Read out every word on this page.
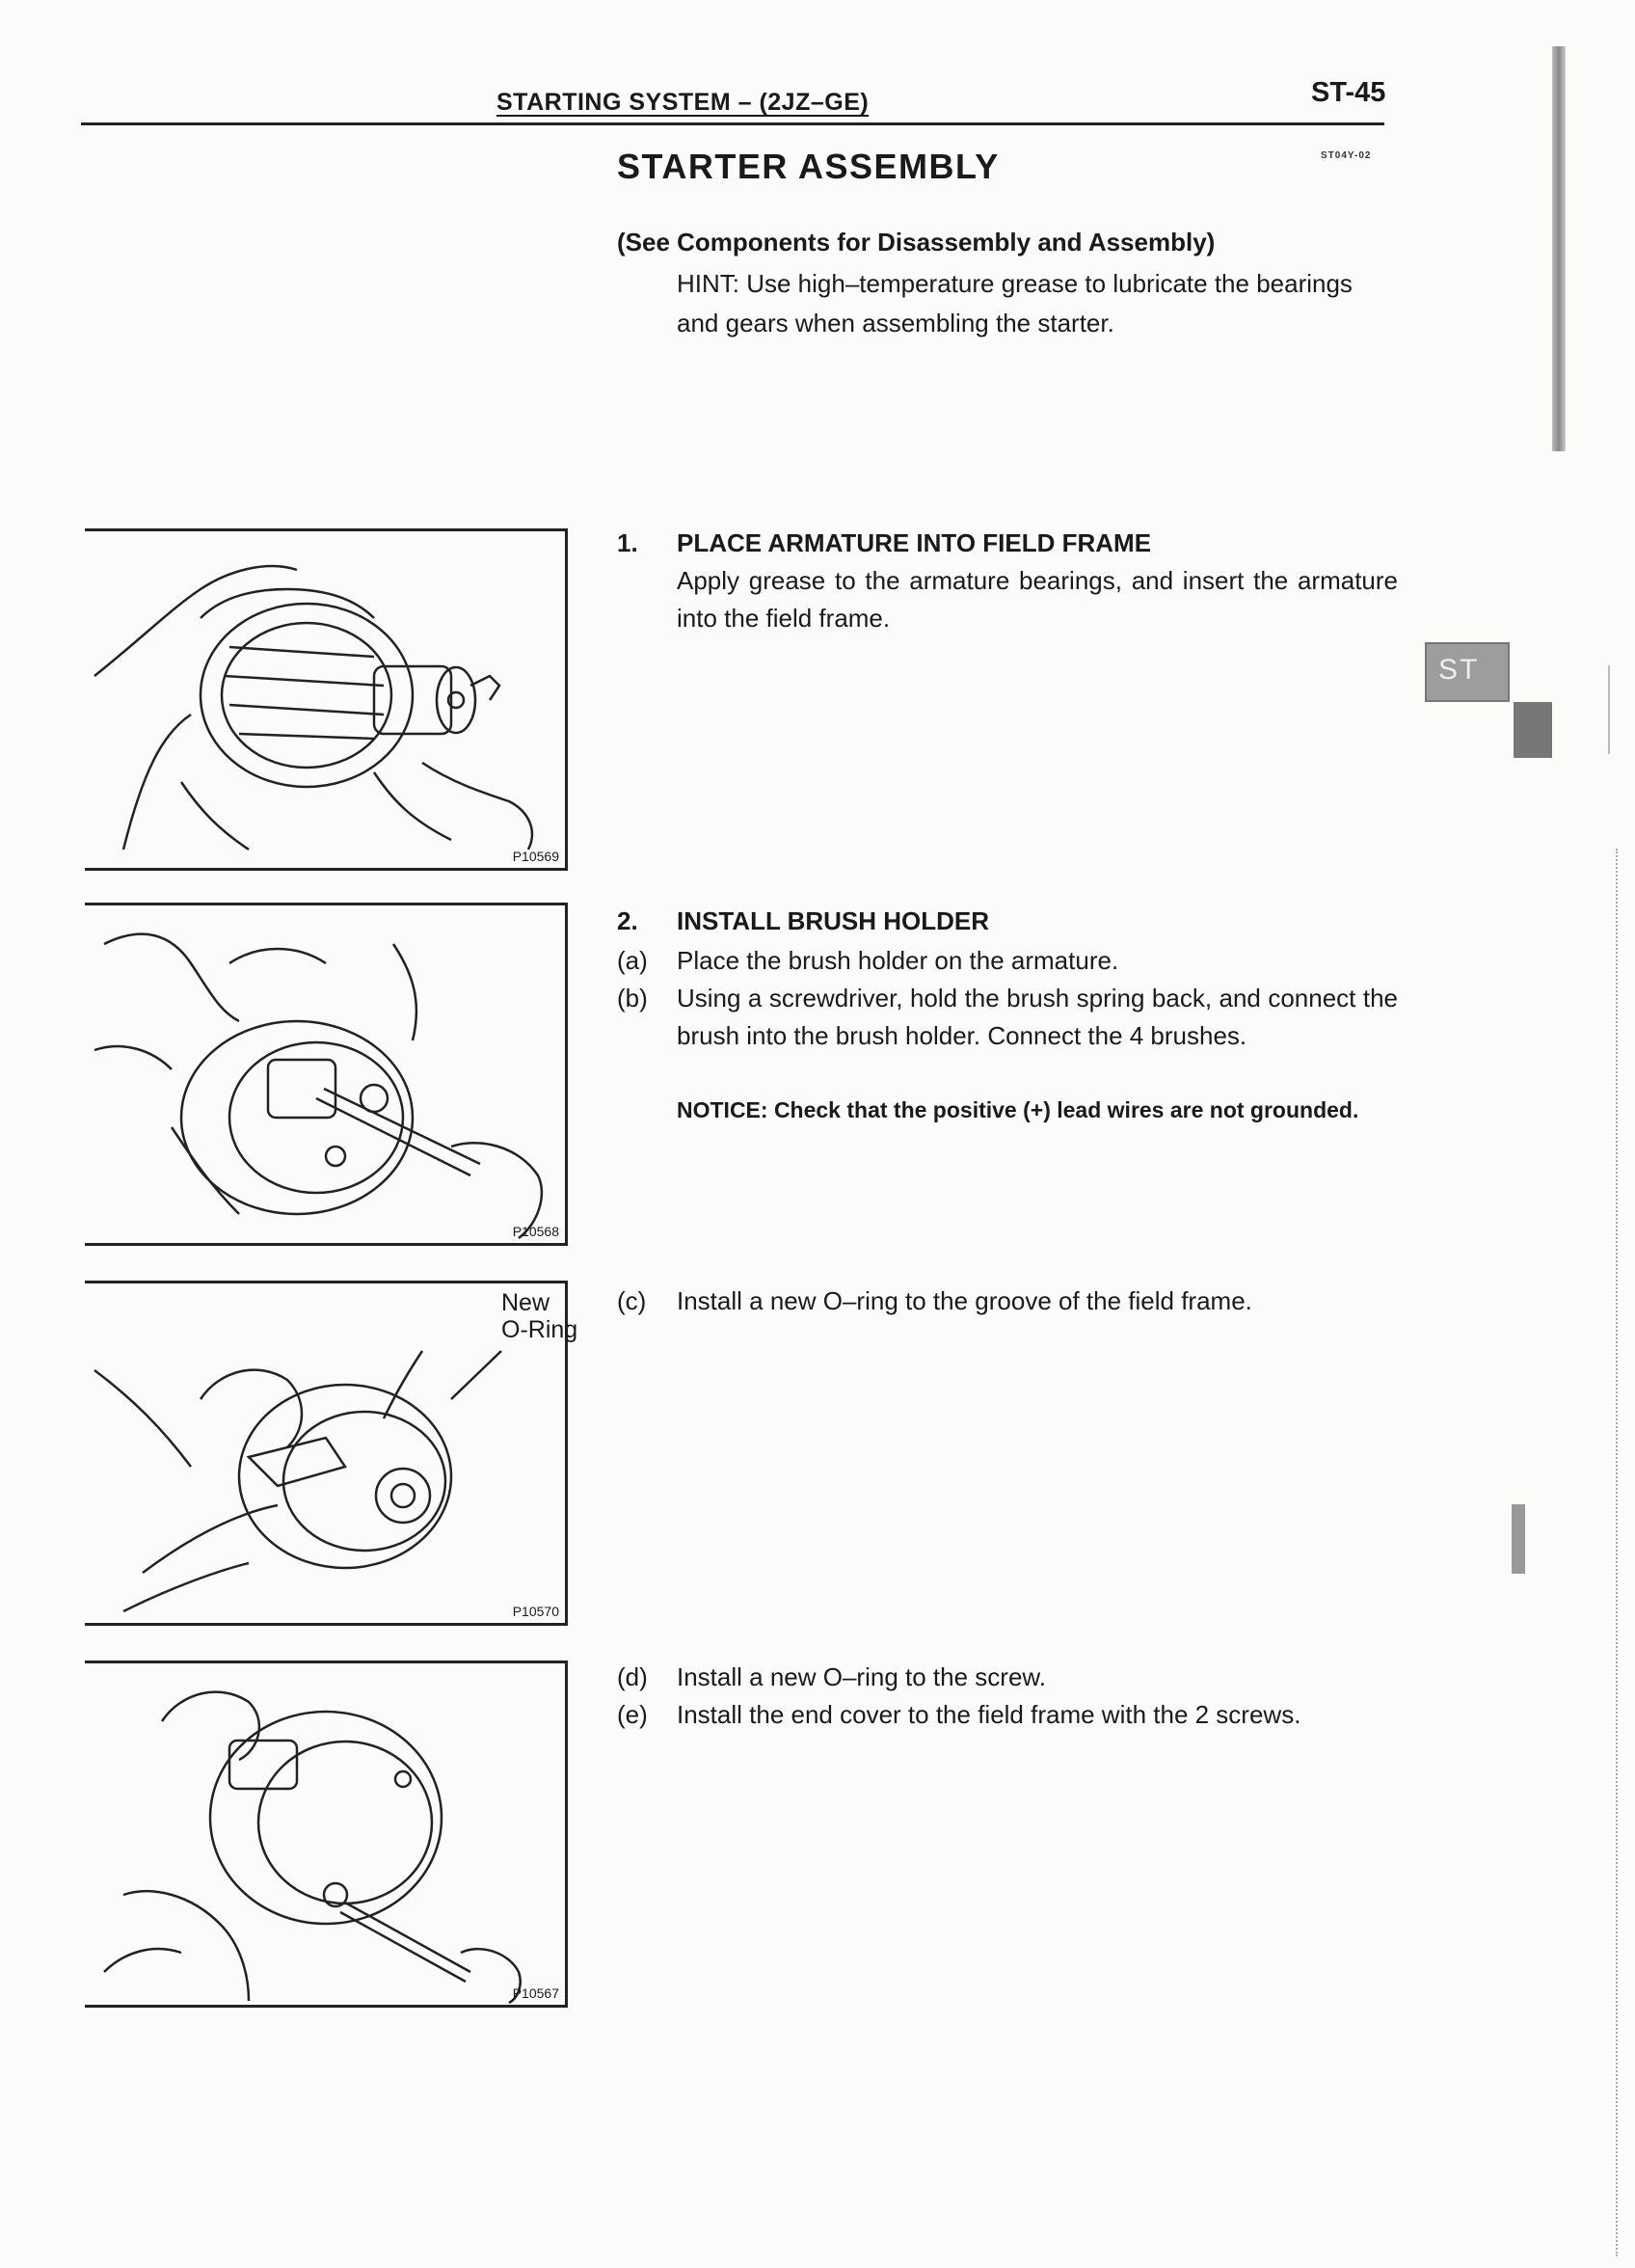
STARTING SYSTEM – (2JZ–GE)	ST-45
ST04Y-02
STARTER ASSEMBLY
(See Components for Disassembly and Assembly)
HINT: Use high–temperature grease to lubricate the bearings and gears when assembling the starter.
1. PLACE ARMATURE INTO FIELD FRAME
Apply grease to the armature bearings, and insert the armature into the field frame.
2. INSTALL BRUSH HOLDER
(a) Place the brush holder on the armature.
(b) Using a screwdriver, hold the brush spring back, and connect the brush into the brush holder. Connect the 4 brushes.
NOTICE: Check that the positive (+) lead wires are not grounded.
(c) Install a new O–ring to the groove of the field frame.
(d) Install a new O–ring to the screw.
(e) Install the end cover to the field frame with the 2 screws.
P10569
P10568
New
O-Ring
P10570
P10567
ST
